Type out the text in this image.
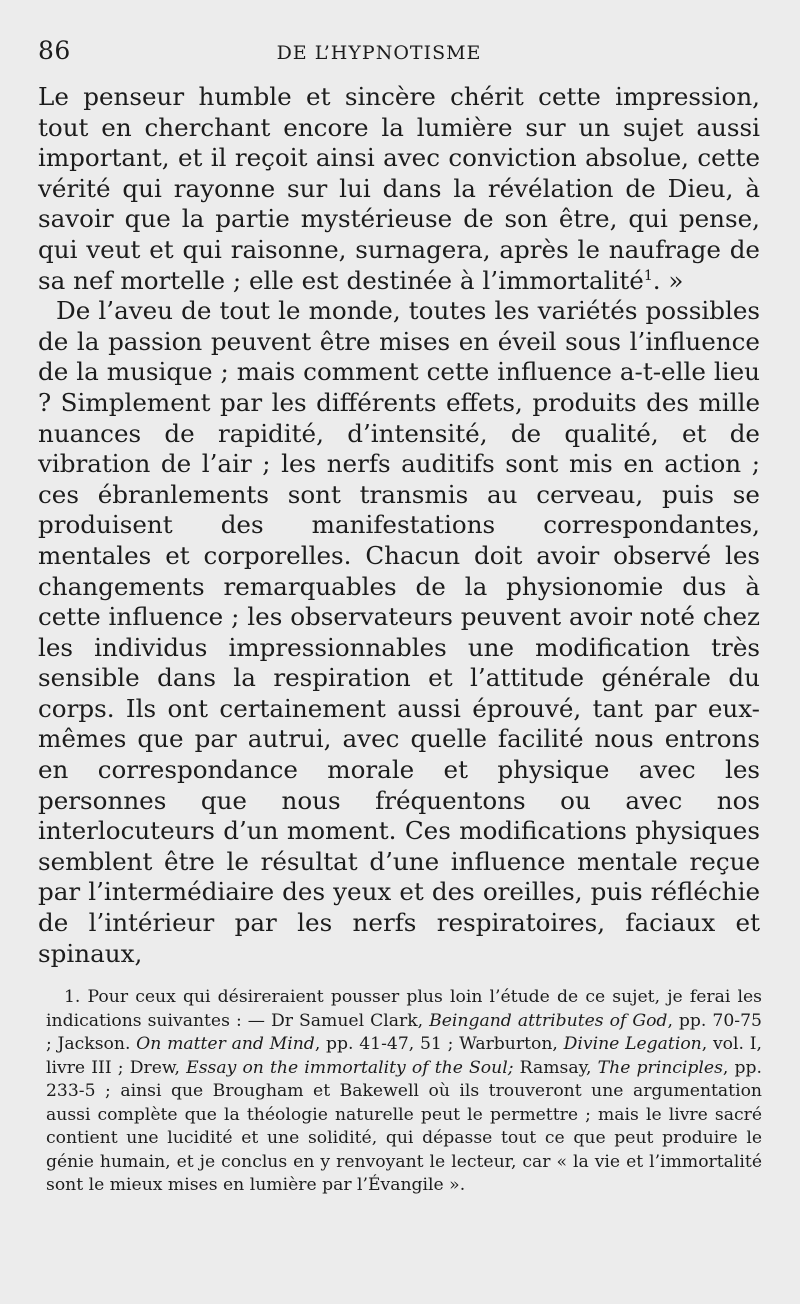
86	DE L’HYPNOTISME

Le penseur humble et sincère chérit cette impression, tout en cherchant encore la lumière sur un sujet aussi important, et il reçoit ainsi avec conviction absolue, cette vérité qui rayonne sur lui dans la révélation de Dieu, à savoir que la partie mystérieuse de son être, qui pense, qui veut et qui raisonne, surnagera, après le naufrage de sa nef mortelle ; elle est destinée à l’immortalité$^1$. »

De l’aveu de tout le monde, toutes les variétés possibles de la passion peuvent être mises en éveil sous l’influence de la musique ; mais comment cette influence a-t-elle lieu ? Simplement par les différents effets, produits des mille nuances de rapidité, d’intensité, de qualité, et de vibration de l’air ; les nerfs auditifs sont mis en action ; ces ébranlements sont transmis au cerveau, puis se produisent des manifestations correspondantes, mentales et corporelles. Chacun doit avoir observé les changements remarquables de la physionomie dus à cette influence ; les observateurs peuvent avoir noté chez les individus impressionnables une modification très sensible dans la respiration et l’attitude générale du corps. Ils ont certainement aussi éprouvé, tant par eux-mêmes que par autrui, avec quelle facilité nous entrons en correspondance morale et physique avec les personnes que nous fréquentons ou avec nos interlocuteurs d’un moment. Ces modifications physiques semblent être le résultat d’une influence mentale reçue par l’intermédiaire des yeux et des oreilles, puis réfléchie de l’intérieur par les nerfs respiratoires, faciaux et spinaux,

1. Pour ceux qui désireraient pousser plus loin l’étude de ce sujet, je ferai les indications suivantes : — Dr Samuel Clark, Beingand attributes of God, pp. 70-75 ; Jackson. On matter and Mind, pp. 41-47, 51 ; Warburton, Divine Legation, vol. I, livre III ; Drew, Essay on the immortality of the Soul; Ramsay, The principles, pp. 233-5 ; ainsi que Brougham et Bakewell où ils trouveront une argumentation aussi complète que la théologie naturelle peut le permettre ; mais le livre sacré contient une lucidité et une solidité, qui dépasse tout ce que peut produire le génie humain, et je conclus en y renvoyant le lecteur, car « la vie et l’immortalité sont le mieux mises en lumière par l’Évangile ».
